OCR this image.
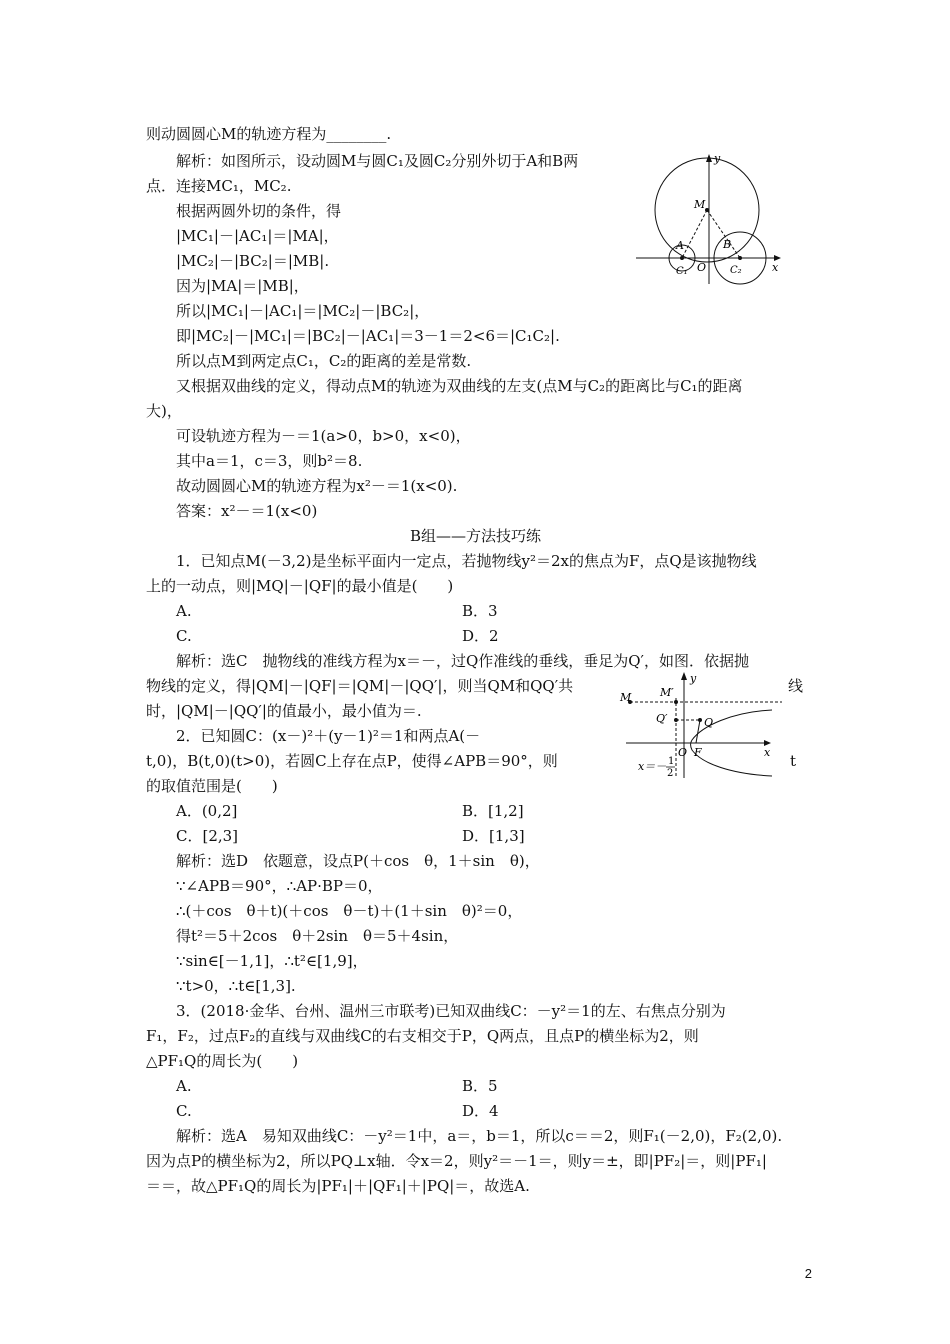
则动圆圆心M的轨迹方程为________.
解析：如图所示，设动圆M与圆C₁及圆C₂分别外切于A和B两
点．连接MC₁，MC₂.
根据两圆外切的条件，得
|MC₁|－|AC₁|＝|MA|，
|MC₂|－|BC₂|＝|MB|.
因为|MA|＝|MB|，
所以|MC₁|－|AC₁|＝|MC₂|－|BC₂|，
即|MC₂|－|MC₁|＝|BC₂|－|AC₁|＝3－1＝2<6＝|C₁C₂|.
所以点M到两定点C₁，C₂的距离的差是常数.
又根据双曲线的定义，得动点M的轨迹为双曲线的左支(点M与C₂的距离比与C₁的距离
大)，
可设轨迹方程为－＝1(a>0，b>0，x<0)，
其中a＝1，c＝3，则b²＝8.
故动圆圆心M的轨迹方程为x²－＝1(x<0).
答案：x²－＝1(x<0)
B组——方法技巧练
1．已知点M(－3,2)是坐标平面内一定点，若抛物线y²＝2x的焦点为F，点Q是该抛物线
上的一动点，则|MQ|－|QF|的最小值是(　　)
A.	B．3
C.	D．2
解析：选C　抛物线的准线方程为x＝－，过Q作准线的垂线，垂足为Q′，如图．依据抛
物线的定义，得|QM|－|QF|＝|QM|－|QQ′|，则当QM和QQ′共	线
时，|QM|－|QQ′|的值最小，最小值为＝.
2．已知圆C：(x－)²＋(y－1)²＝1和两点A(－
t,0)，B(t,0)(t>0)，若圆C上存在点P，使得∠APB＝90°，则	t
的取值范围是(　　)
A．(0,2]	B．[1,2]
C．[2,3]	D．[1,3]
解析：选D　依题意，设点P(＋cos　θ，1＋sin　θ)，
∵∠APB＝90°，∴AP·BP＝0，
∴(＋cos　θ＋t)(＋cos　θ－t)＋(1＋sin　θ)²＝0，
得t²＝5＋2cos　θ＋2sin　θ＝5＋4sin，
∵sin∈[－1,1]，∴t²∈[1,9]，
∵t>0，∴t∈[1,3].
3．(2018·金华、台州、温州三市联考)已知双曲线C：－y²＝1的左、右焦点分别为
F₁，F₂，过点F₂的直线与双曲线C的右支相交于P，Q两点，且点P的横坐标为2，则
△PF₁Q的周长为(　　)
A.	B．5
C.	D．4
解析：选A　易知双曲线C：－y²＝1中，a＝，b＝1，所以c＝＝2，则F₁(－2,0)，F₂(2,0).
因为点P的横坐标为2，所以PQ⊥x轴．令x＝2，则y²＝－1＝，则y＝±，即|PF₂|＝，则|PF₁|
＝＝，故△PF₁Q的周长为|PF₁|＋|QF₁|＋|PQ|＝，故选A.
y
x
M
A	B
C₁ O C₂
y
x
M	M′
Q′	Q
O F
x＝－ 1
2
2
